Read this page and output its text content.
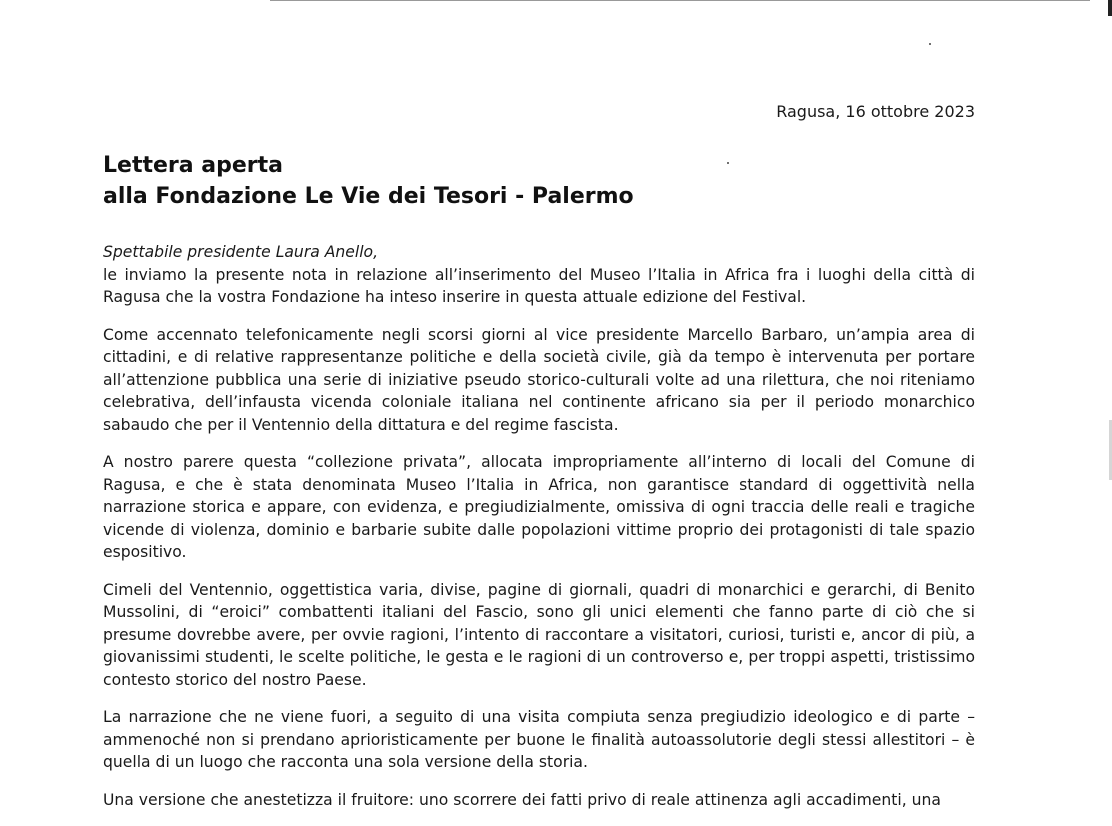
Ragusa, 16 ottobre 2023
Lettera aperta
alla Fondazione Le Vie dei Tesori - Palermo

Spettabile presidente Laura Anello,
le inviamo la presente nota in relazione all’inserimento del Museo l’Italia in Africa fra i luoghi della città di Ragusa che la vostra Fondazione ha inteso inserire in questa attuale edizione del Festival.

Come accennato telefonicamente negli scorsi giorni al vice presidente Marcello Barbaro, un’ampia area di cittadini, e di relative rappresentanze politiche e della società civile, già da tempo è intervenuta per portare all’attenzione pubblica una serie di iniziative pseudo storico-culturali volte ad una rilettura, che noi riteniamo celebrativa, dell’infausta vicenda coloniale italiana nel continente africano sia per il periodo monarchico sabaudo che per il Ventennio della dittatura e del regime fascista.

A nostro parere questa “collezione privata”, allocata impropriamente all’interno di locali del Comune di Ragusa, e che è stata denominata Museo l’Italia in Africa, non garantisce standard di oggettività nella narrazione storica e appare, con evidenza, e pregiudizialmente, omissiva di ogni traccia delle reali e tragiche vicende di violenza, dominio e barbarie subite dalle popolazioni vittime proprio dei protagonisti di tale spazio espositivo.

Cimeli del Ventennio, oggettistica varia, divise, pagine di giornali, quadri di monarchici e gerarchi, di Benito Mussolini, di “eroici” combattenti italiani del Fascio, sono gli unici elementi che fanno parte di ciò che si presume dovrebbe avere, per ovvie ragioni, l’intento di raccontare a visitatori, curiosi, turisti e, ancor di più, a giovanissimi studenti, le scelte politiche, le gesta e le ragioni di un controverso e, per troppi aspetti, tristissimo contesto storico del nostro Paese.

La narrazione che ne viene fuori, a seguito di una visita compiuta senza pregiudizio ideologico e di parte – ammenoché non si prendano aprioristicamente per buone le finalità autoassolutorie degli stessi allestitori – è quella di un luogo che racconta una sola versione della storia.

Una versione che anestetizza il fruitore: uno scorrere dei fatti privo di reale attinenza agli accadimenti, una
